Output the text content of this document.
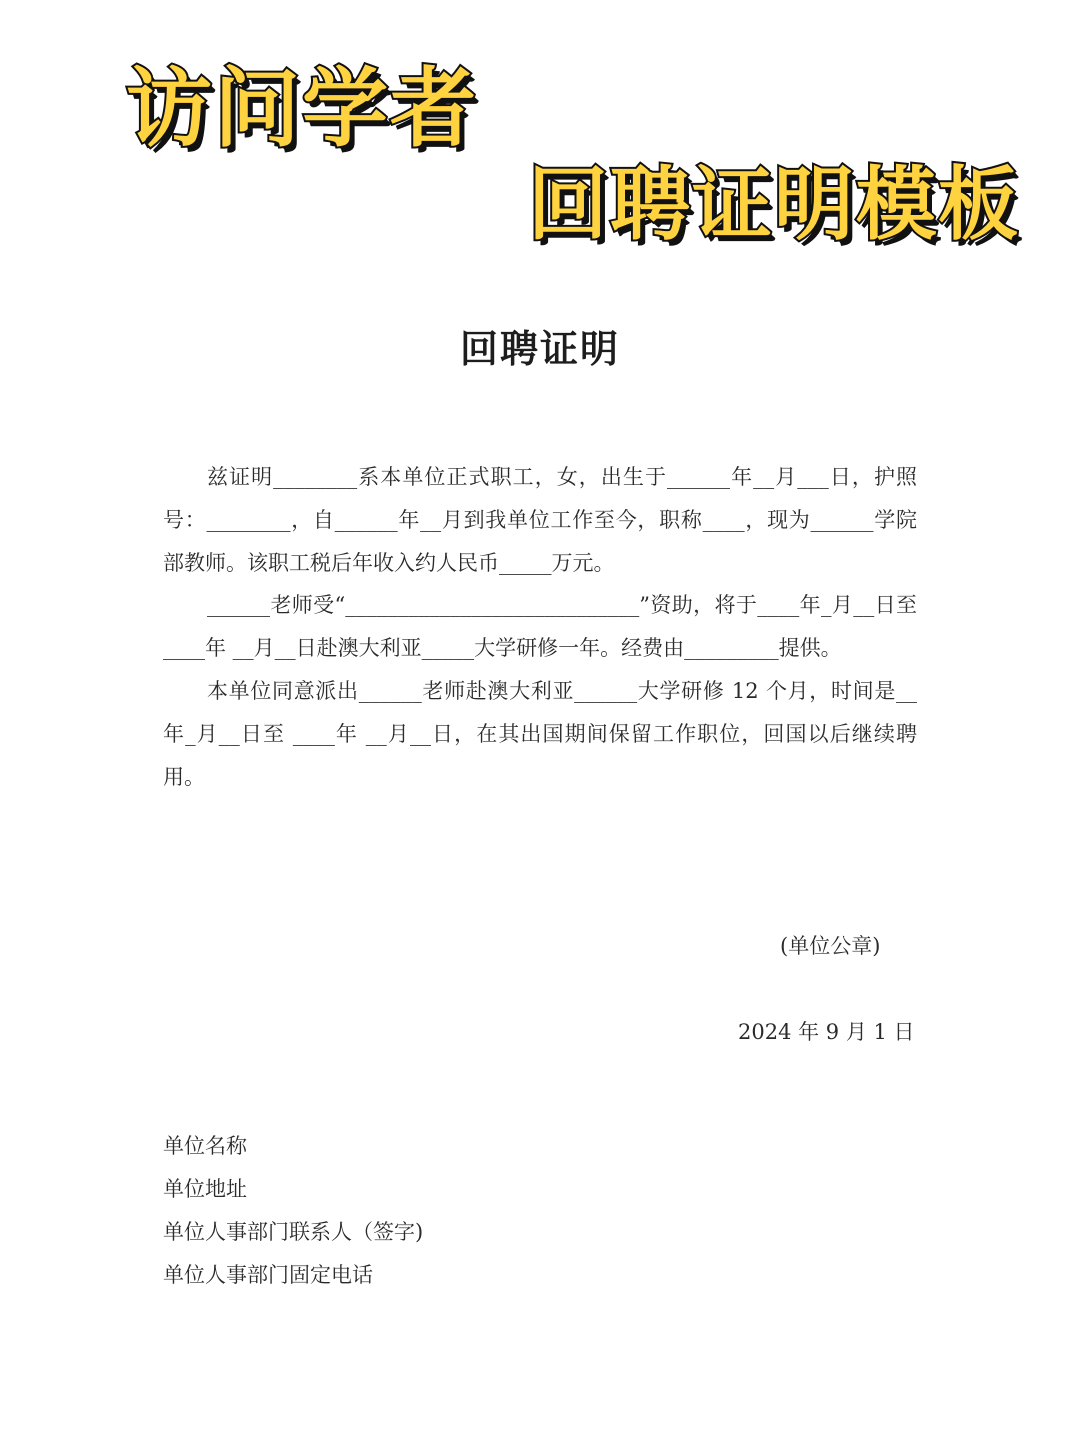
访问学者
回聘证明模板
回聘证明
兹证明________系本单位正式职工，女，出生于______年__月___日，护照号：________，自______年__月到我单位工作至今，职称____，现为______学院部教师。该职工税后年收入约人民币_____万元。
______老师受“____________________________”资助，将于____年_月__日至 ____年 __月__日赴澳大利亚_____大学研修一年。经费由_________提供。
本单位同意派出______老师赴澳大利亚______大学研修 12 个月，时间是__年_月__日至 ____年 __月__日，在其出国期间保留工作职位，回国以后继续聘用。
(单位公章)
2024 年 9 月 1 日
单位名称
单位地址
单位人事部门联系人（签字)
单位人事部门固定电话
